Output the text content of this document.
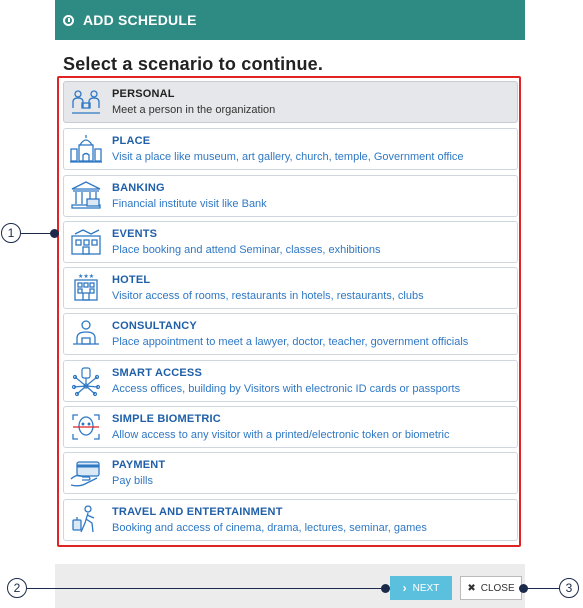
ADD SCHEDULE
Select a scenario to continue.
PERSONAL
Meet a person in the organization
PLACE
Visit a place like museum, art gallery, church, temple, Government office
BANKING
Financial institute visit like Bank
EVENTS
Place booking and attend Seminar, classes, exhibitions
★★★ HOTEL
Visitor access of rooms, restaurants in hotels, restaurants, clubs
CONSULTANCY
Place appointment to meet a lawyer, doctor, teacher, government officials
SMART ACCESS
Access offices, building by Visitors with electronic ID cards or passports
SIMPLE BIOMETRIC
Allow access to any visitor with a printed/electronic token or biometric
PAYMENT
Pay bills
TRAVEL AND ENTERTAINMENT
Booking and access of cinema, drama, lectures, seminar, games
› NEXT	✖ CLOSE
1
2	3
